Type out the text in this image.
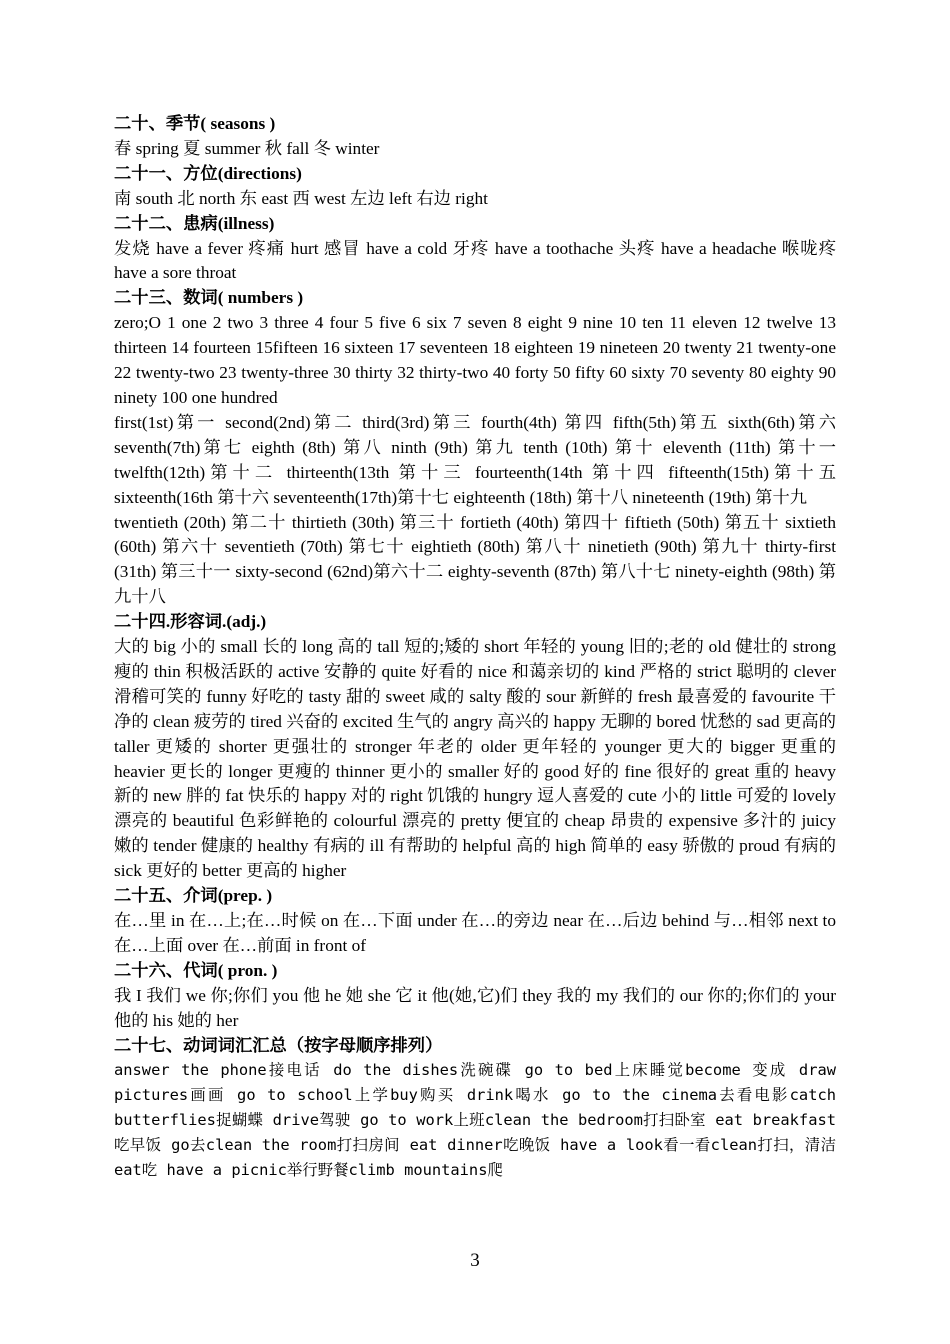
二十、季节( seasons )

春 spring 夏 summer 秋 fall 冬 winter

二十一、方位(directions)

南 south 北 north 东 east 西 west 左边 left 右边 right

二十二、患病(illness)

发烧 have a fever 疼痛 hurt 感冒 have a cold 牙疼 have a toothache 头疼 have a headache 喉咙疼 have a sore throat

二十三、数词( numbers )

zero;O 1 one 2 two 3 three 4 four 5 five 6 six 7 seven 8 eight 9 nine 10 ten 11 eleven 12 twelve 13 thirteen 14 fourteen 15fifteen 16 sixteen 17 seventeen 18 eighteen 19 nineteen 20 twenty 21 twenty-one 22 twenty-two 23 twenty-three 30 thirty 32 thirty-two 40 forty 50 fifty 60 sixty 70 seventy 80 eighty 90 ninety 100 one hundred

first(1st)第一 second(2nd)第二 third(3rd)第三 fourth(4th) 第四 fifth(5th)第五 sixth(6th)第六 seventh(7th)第七 eighth (8th) 第八 ninth (9th) 第九 tenth (10th) 第十 eleventh (11th) 第十一 twelfth(12th)第十二 thirteenth(13th 第十三 fourteenth(14th 第十四 fifteenth(15th)第十五 sixteenth(16th 第十六 seventeenth(17th)第十七 eighteenth (18th) 第十八 nineteenth (19th) 第十九

twentieth (20th) 第二十 thirtieth (30th) 第三十 fortieth (40th) 第四十 fiftieth (50th) 第五十 sixtieth (60th) 第六十 seventieth (70th) 第七十 eightieth (80th) 第八十 ninetieth (90th) 第九十 thirty-first (31th) 第三十一 sixty-second (62nd)第六十二 eighty-seventh (87th) 第八十七 ninety-eighth (98th) 第九十八

二十四.形容词.(adj.)

大的 big 小的 small 长的 long 高的 tall 短的;矮的 short 年轻的 young 旧的;老的 old 健壮的 strong 瘦的 thin 积极活跃的 active 安静的 quite 好看的 nice 和蔼亲切的 kind 严格的 strict 聪明的 clever 滑稽可笑的 funny 好吃的 tasty 甜的 sweet 咸的 salty 酸的 sour 新鲜的 fresh 最喜爱的 favourite 干净的 clean 疲劳的 tired 兴奋的 excited 生气的 angry 高兴的 happy 无聊的 bored 忧愁的 sad 更高的 taller 更矮的 shorter 更强壮的 stronger 年老的 older 更年轻的 younger 更大的 bigger 更重的 heavier 更长的 longer 更瘦的 thinner 更小的 smaller 好的 good 好的 fine 很好的 great 重的 heavy 新的 new 胖的 fat 快乐的 happy 对的 right 饥饿的 hungry 逗人喜爱的 cute 小的 little 可爱的 lovely 漂亮的 beautiful 色彩鲜艳的 colourful 漂亮的 pretty 便宜的 cheap 昂贵的 expensive 多汁的 juicy 嫩的 tender 健康的 healthy 有病的 ill 有帮助的 helpful 高的 high 简单的 easy 骄傲的 proud 有病的 sick 更好的 better 更高的 higher

二十五、介词(prep. )

在…里 in 在…上;在…时候 on 在…下面 under 在…的旁边 near 在…后边 behind 与…相邻 next to 在…上面 over 在…前面 in front of

二十六、代词( pron. )

我 I 我们 we 你;你们 you 他 he 她 she 它 it 他(她,它)们 they 我的 my 我们的 our 你的;你们的 your 他的 his 她的 her

二十七、动词词汇汇总（按字母顺序排列）

answer the phone接电话 do the dishes洗碗碟 go to bed上床睡觉become 变成 draw pictures画画 go to school上学buy购买 drink喝水 go to the cinema去看电影catch butterflies捉蝴蝶 drive驾驶 go to work上班clean the bedroom打扫卧室 eat breakfast吃早饭 go去clean the room打扫房间 eat dinner吃晚饭 have a look看一看clean打扫，清洁 eat吃 have a picnic举行野餐climb mountains爬

3
